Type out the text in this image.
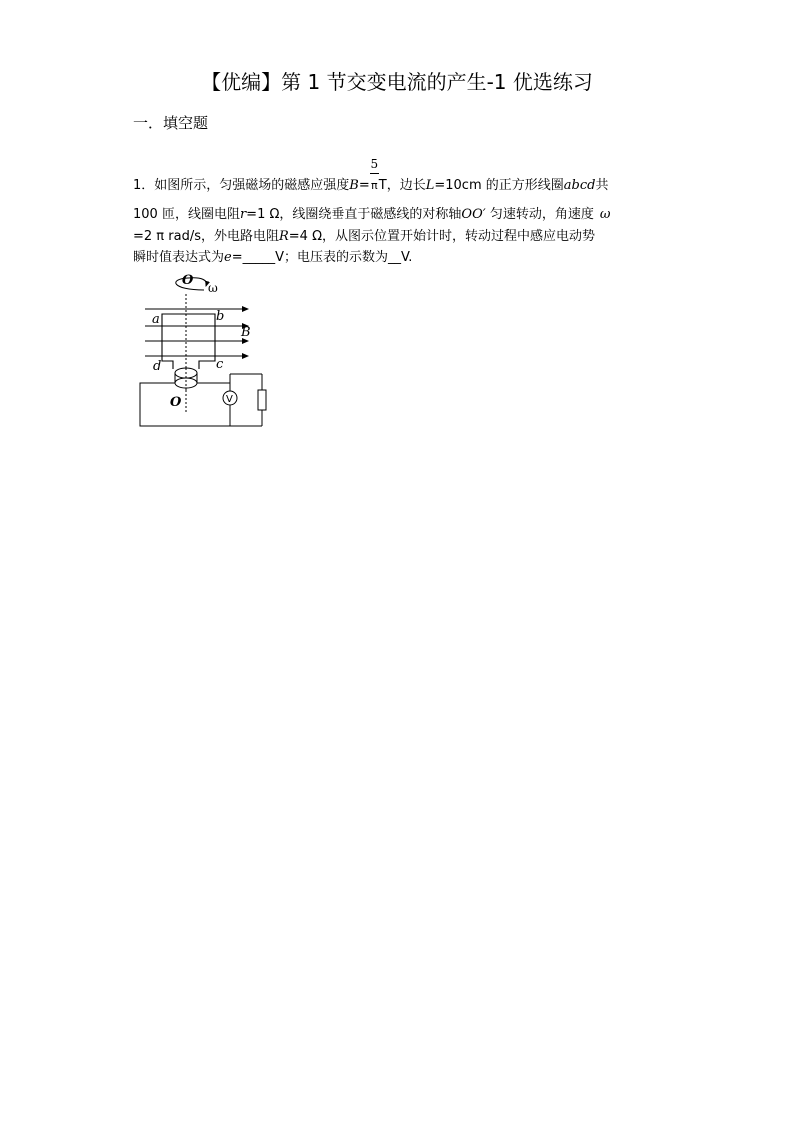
【优编】第 1 节交变电流的产生-1 优选练习
一．填空题
1．如图所示，匀强磁场的磁感应强度$B= \frac{5}{\pi}$ T，边长L=10cm 的正方形线圈abcd共
100 匝，线圈电阻r=1 Ω，线圈绕垂直于磁感线的对称轴OO′ 匀速转动，角速度 ω
=2 π rad/s，外电路电阻R=4 Ω，从图示位置开始计时，转动过程中感应电动势
瞬时值表达式为e=_____V；电压表的示数为__V.
O ω
a	b
B
d	c
V
O
